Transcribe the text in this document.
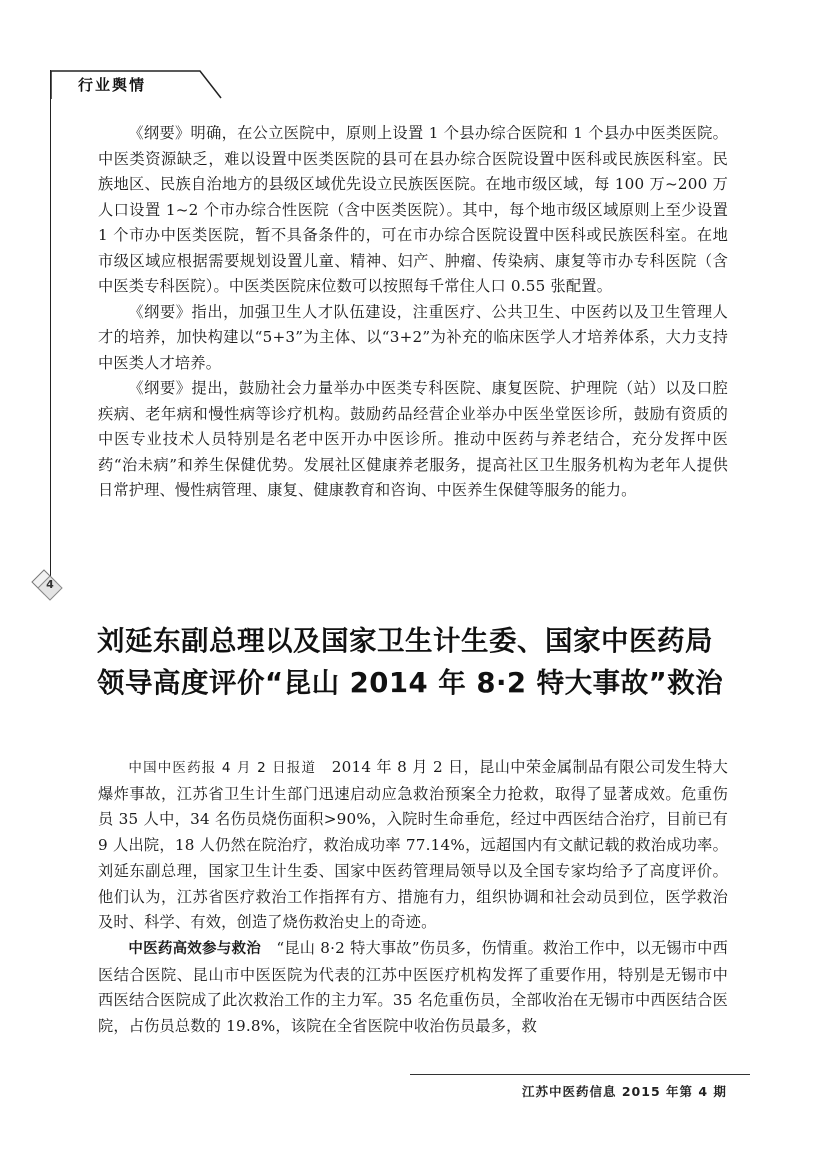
行业舆情
4

《纲要》明确，在公立医院中，原则上设置 1 个县办综合医院和 1 个县办中医类医院。中医类资源缺乏，难以设置中医类医院的县可在县办综合医院设置中医科或民族医科室。民族地区、民族自治地方的县级区域优先设立民族医医院。在地市级区域，每 100 万~200 万人口设置 1~2 个市办综合性医院（含中医类医院）。其中，每个地市级区域原则上至少设置 1 个市办中医类医院，暂不具备条件的，可在市办综合医院设置中医科或民族医科室。在地市级区域应根据需要规划设置儿童、精神、妇产、肿瘤、传染病、康复等市办专科医院（含中医类专科医院）。中医类医院床位数可以按照每千常住人口 0.55 张配置。

《纲要》指出，加强卫生人才队伍建设，注重医疗、公共卫生、中医药以及卫生管理人才的培养，加快构建以“5+3”为主体、以“3+2”为补充的临床医学人才培养体系，大力支持中医类人才培养。

《纲要》提出，鼓励社会力量举办中医类专科医院、康复医院、护理院（站）以及口腔疾病、老年病和慢性病等诊疗机构。鼓励药品经营企业举办中医坐堂医诊所，鼓励有资质的中医专业技术人员特别是名老中医开办中医诊所。推动中医药与养老结合，充分发挥中医药“治未病”和养生保健优势。发展社区健康养老服务，提高社区卫生服务机构为老年人提供日常护理、慢性病管理、康复、健康教育和咨询、中医养生保健等服务的能力。

刘延东副总理以及国家卫生计生委、国家中医药局
领导高度评价“昆山 2014 年 8·2 特大事故”救治

中国中医药报 4 月 2 日报道　 2014 年 8 月 2 日，昆山中荣金属制品有限公司发生特大爆炸事故，江苏省卫生计生部门迅速启动应急救治预案全力抢救，取得了显著成效。危重伤员 35 人中，34 名伤员烧伤面积>90%，入院时生命垂危，经过中西医结合治疗，目前已有 9 人出院，18 人仍然在院治疗，救治成功率 77.14%，远超国内有文献记载的救治成功率。刘延东副总理，国家卫生计生委、国家中医药管理局领导以及全国专家均给予了高度评价。他们认为，江苏省医疗救治工作指挥有方、措施有力，组织协调和社会动员到位，医学救治及时、科学、有效，创造了烧伤救治史上的奇迹。

中医药高效参与救治　 “昆山 8·2 特大事故”伤员多，伤情重。救治工作中，以无锡市中西医结合医院、昆山市中医医院为代表的江苏中医医疗机构发挥了重要作用，特别是无锡市中西医结合医院成了此次救治工作的主力军。35 名危重伤员，全部收治在无锡市中西医结合医院，占伤员总数的 19.8%，该院在全省医院中收治伤员最多，救

江苏中医药信息 2015 年第 4 期
